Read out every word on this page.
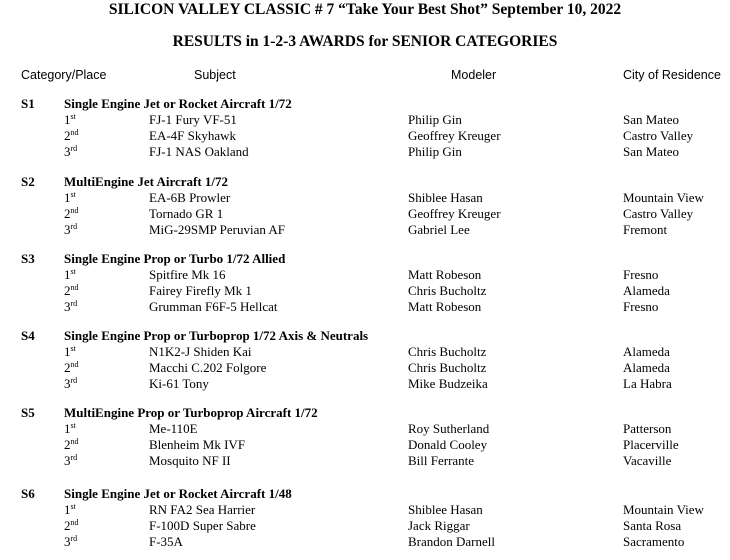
SILICON VALLEY CLASSIC # 7 “Take Your Best Shot” September 10, 2022
RESULTS in 1-2-3 AWARDS for SENIOR CATEGORIES
Category/Place	Subject	Modeler	City of Residence
S1 Single Engine Jet or Rocket Aircraft 1/72
1st	FJ-1 Fury VF-51	Philip Gin	San Mateo
2nd	EA-4F Skyhawk	Geoffrey Kreuger	Castro Valley
3rd	FJ-1 NAS Oakland	Philip Gin	San Mateo
S2 MultiEngine Jet Aircraft 1/72
1st	EA-6B Prowler	Shiblee Hasan	Mountain View
2nd	Tornado GR 1	Geoffrey Kreuger	Castro Valley
3rd	MiG-29SMP Peruvian AF	Gabriel Lee	Fremont
S3 Single Engine Prop or Turbo 1/72 Allied
1st	Spitfire Mk 16	Matt Robeson	Fresno
2nd	Fairey Firefly Mk 1	Chris Bucholtz	Alameda
3rd	Grumman F6F-5 Hellcat	Matt Robeson	Fresno
S4 Single Engine Prop or Turboprop 1/72 Axis & Neutrals
1st	N1K2-J Shiden Kai	Chris Bucholtz	Alameda
2nd	Macchi C.202 Folgore	Chris Bucholtz	Alameda
3rd	Ki-61 Tony	Mike Budzeika	La Habra
S5 MultiEngine Prop or Turboprop Aircraft 1/72
1st	Me-110E	Roy Sutherland	Patterson
2nd	Blenheim Mk IVF	Donald Cooley	Placerville
3rd	Mosquito NF II	Bill Ferrante	Vacaville
S6 Single Engine Jet or Rocket Aircraft 1/48
1st	RN FA2 Sea Harrier	Shiblee Hasan	Mountain View
2nd	F-100D Super Sabre	Jack Riggar	Santa Rosa
3rd	F-35A	Brandon Darnell	Sacramento
